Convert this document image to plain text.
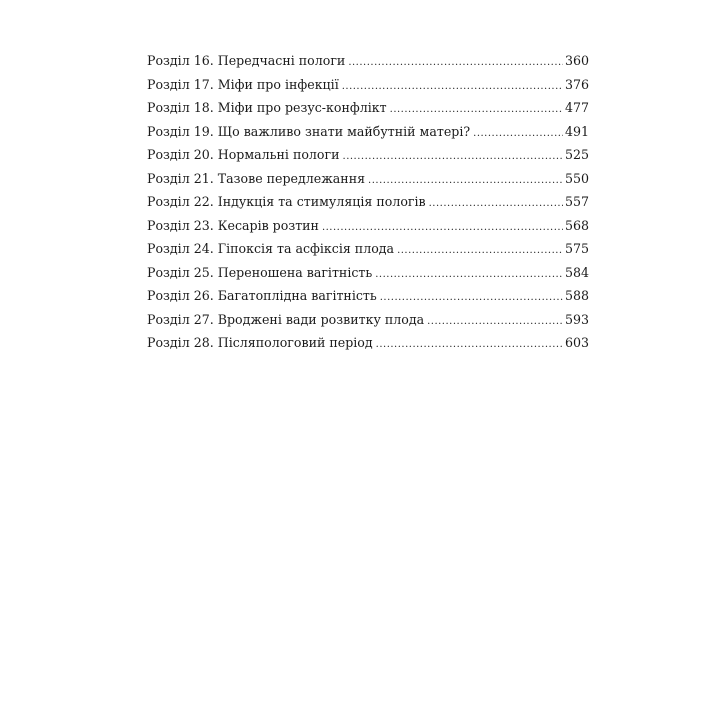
Розділ 16. Передчасні пологи .....	360
Розділ 17. Міфи про інфекції .....	376
Розділ 18. Міфи про резус-конфлікт .....	477
Розділ 19. Що важливо знати майбутній матері? .....	491
Розділ 20. Нормальні пологи .....	525
Розділ 21. Тазове передлежання .....	550
Розділ 22. Індукція та стимуляція пологів .....	557
Розділ 23. Кесарів розтин .....	568
Розділ 24. Гіпоксія та асфіксія плода .....	575
Розділ 25. Переношена вагітність .....	584
Розділ 26. Багатоплідна вагітність .....	588
Розділ 27. Вроджені вади розвитку плода .....	593
Розділ 28. Післяпологовий період .....	603
